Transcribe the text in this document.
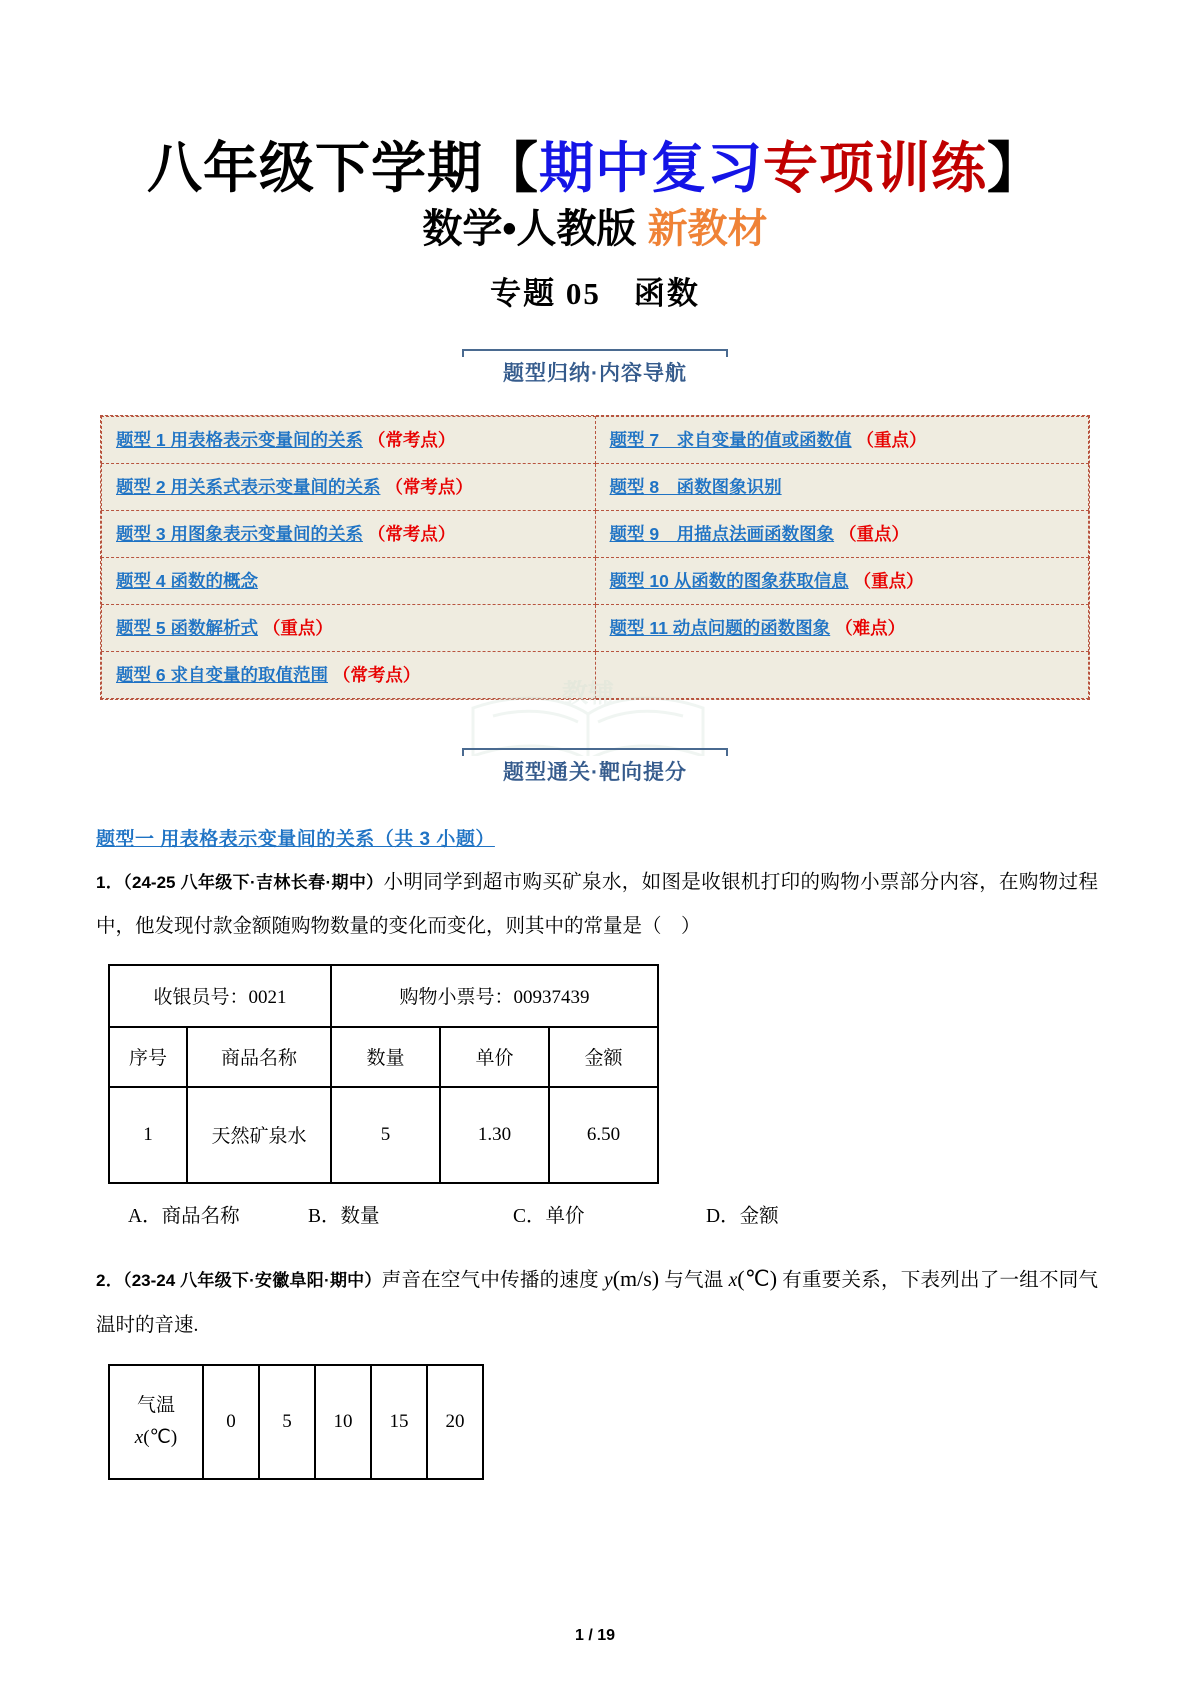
八年级下学期【期中复习专项训练】
数学•人教版 新教材
专题 05　函数
题型归纳·内容导航
题型 1 用表格表示变量间的关系 （常考点）	题型 7　求自变量的值或函数值 （重点）
题型 2 用关系式表示变量间的关系 （常考点）	题型 8　函数图象识别
题型 3 用图象表示变量间的关系 （常考点）	题型 9　用描点法画函数图象 （重点）
题型 4 函数的概念	题型 10 从函数的图象获取信息 （重点）
题型 5 函数解析式 （重点）	题型 11 动点问题的函数图象 （难点）
题型 6 求自变量的取值范围 （常考点）	
教辅
题型通关·靶向提分
题型一 用表格表示变量间的关系（共 3 小题）
1．（24-25 八年级下·吉林长春·期中）小明同学到超市购买矿泉水，如图是收银机打印的购物小票部分内容，在购物过程中，他发现付款金额随购物数量的变化而变化，则其中的常量是（　）
收银员号：0021		购物小票号：00937439		
序号	商品名称	数量	单价	金额
1	天然矿泉水	5	1.30	6.50
A．商品名称	B．数量	C．单价	D．金额
2．（23-24 八年级下·安徽阜阳·期中）声音在空气中传播的速度 y(m/s) 与气温 x(℃) 有重要关系，下表列出了一组不同气温时的音速.
气温
x(℃)	0	5	10	15	20
1 / 19
